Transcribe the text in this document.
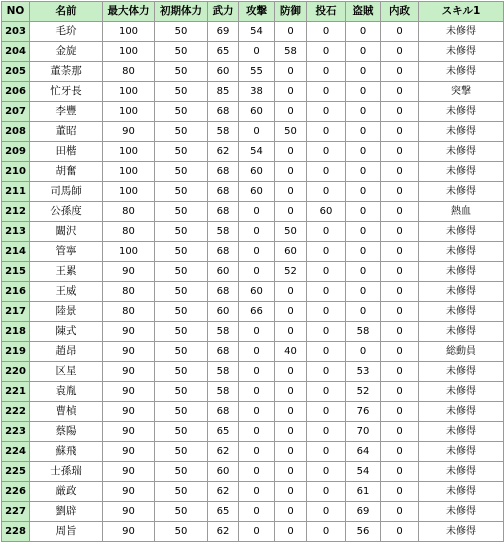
NO	名前	最大体力	初期体力	武力	攻撃	防御	投石	盗賊	内政	スキル1
203	毛玠	100	50	69	54	0	0	0	0	未修得
204	金旋	100	50	65	0	58	0	0	0	未修得
205	董荼那	80	50	60	55	0	0	0	0	未修得
206	忙牙長	100	50	85	38	0	0	0	0	突撃
207	李豐	100	50	68	60	0	0	0	0	未修得
208	董昭	90	50	58	0	50	0	0	0	未修得
209	田楷	100	50	62	54	0	0	0	0	未修得
210	胡奮	100	50	68	60	0	0	0	0	未修得
211	司馬師	100	50	68	60	0	0	0	0	未修得
212	公孫度	80	50	68	0	0	60	0	0	熱血
213	闞沢	80	50	58	0	50	0	0	0	未修得
214	管寧	100	50	68	0	60	0	0	0	未修得
215	王累	90	50	60	0	52	0	0	0	未修得
216	王威	80	50	68	60	0	0	0	0	未修得
217	陸景	80	50	60	66	0	0	0	0	未修得
218	陳式	90	50	58	0	0	0	58	0	未修得
219	趙昂	90	50	68	0	40	0	0	0	総動員
220	区星	90	50	58	0	0	0	53	0	未修得
221	袁胤	90	50	58	0	0	0	52	0	未修得
222	曹楨	90	50	68	0	0	0	76	0	未修得
223	蔡陽	90	50	65	0	0	0	70	0	未修得
224	蘇飛	90	50	62	0	0	0	64	0	未修得
225	士孫瑞	90	50	60	0	0	0	54	0	未修得
226	厳政	90	50	62	0	0	0	61	0	未修得
227	劉辟	90	50	65	0	0	0	69	0	未修得
228	周旨	90	50	62	0	0	0	56	0	未修得
